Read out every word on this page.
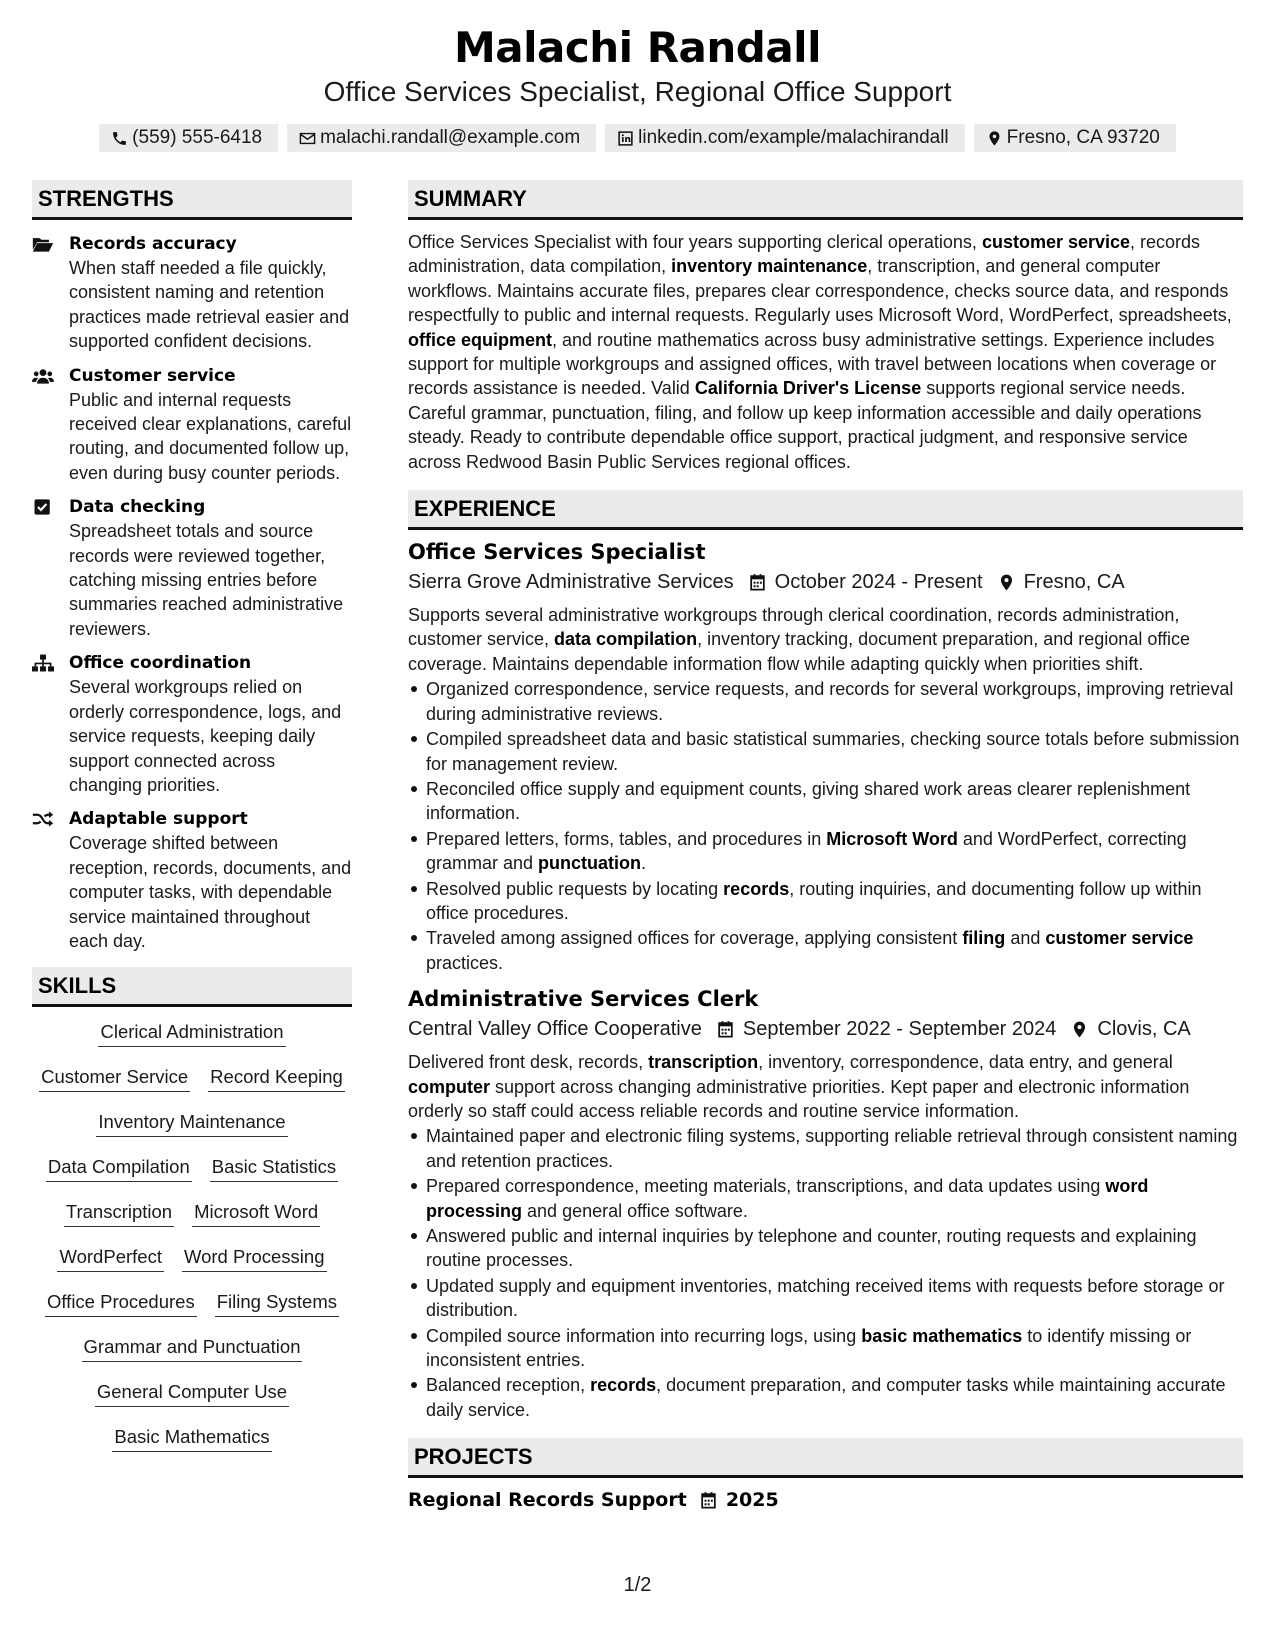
Malachi Randall
Office Services Specialist, Regional Office Support
(559) 555-6418	malachi.randall@example.com	linkedin.com/example/malachirandall	Fresno, CA 93720
STRENGTHS
Records accuracy
When staff needed a file quickly, consistent naming and retention practices made retrieval easier and supported confident decisions.
Customer service
Public and internal requests received clear explanations, careful routing, and documented follow up, even during busy counter periods.
Data checking
Spreadsheet totals and source records were reviewed together, catching missing entries before summaries reached administrative reviewers.
Office coordination
Several workgroups relied on orderly correspondence, logs, and service requests, keeping daily support connected across changing priorities.
Adaptable support
Coverage shifted between reception, records, documents, and computer tasks, with dependable service maintained throughout each day.
SKILLS
Clerical Administration
Customer Service Record Keeping
Inventory Maintenance
Data Compilation Basic Statistics
Transcription Microsoft Word
WordPerfect Word Processing
Office Procedures Filing Systems
Grammar and Punctuation
General Computer Use
Basic Mathematics
SUMMARY

Office Services Specialist with four years supporting clerical operations, customer service, records administration, data compilation, inventory maintenance, transcription, and general computer workflows. Maintains accurate files, prepares clear correspondence, checks source data, and responds respectfully to public and internal requests. Regularly uses Microsoft Word, WordPerfect, spreadsheets, office equipment, and routine mathematics across busy administrative settings. Experience includes support for multiple workgroups and assigned offices, with travel between locations when coverage or records assistance is needed. Valid California Driver's License supports regional service needs. Careful grammar, punctuation, filing, and follow up keep information accessible and daily operations steady. Ready to contribute dependable office support, practical judgment, and responsive service across Redwood Basin Public Services regional offices.

EXPERIENCE
Office Services Specialist
Sierra Grove Administrative Services October 2024 - Present Fresno, CA

Supports several administrative workgroups through clerical coordination, records administration, customer service, data compilation, inventory tracking, document preparation, and regional office coverage. Maintains dependable information flow while adapting quickly when priorities shift.

Organized correspondence, service requests, and records for several workgroups, improving retrieval during administrative reviews.
Compiled spreadsheet data and basic statistical summaries, checking source totals before submission for management review.
Reconciled office supply and equipment counts, giving shared work areas clearer replenishment information.
Prepared letters, forms, tables, and procedures in Microsoft Word and WordPerfect, correcting grammar and punctuation.
Resolved public requests by locating records, routing inquiries, and documenting follow up within office procedures.
Traveled among assigned offices for coverage, applying consistent filing and customer service practices.
Administrative Services Clerk
Central Valley Office Cooperative September 2022 - September 2024 Clovis, CA

Delivered front desk, records, transcription, inventory, correspondence, data entry, and general computer support across changing administrative priorities. Kept paper and electronic information orderly so staff could access reliable records and routine service information.

Maintained paper and electronic filing systems, supporting reliable retrieval through consistent naming and retention practices.
Prepared correspondence, meeting materials, transcriptions, and data updates using word processing and general office software.
Answered public and internal inquiries by telephone and counter, routing requests and explaining routine processes.
Updated supply and equipment inventories, matching received items with requests before storage or distribution.
Compiled source information into recurring logs, using basic mathematics to identify missing or inconsistent entries.
Balanced reception, records, document preparation, and computer tasks while maintaining accurate daily service.
PROJECTS
Regional Records Support 2025
1/2
